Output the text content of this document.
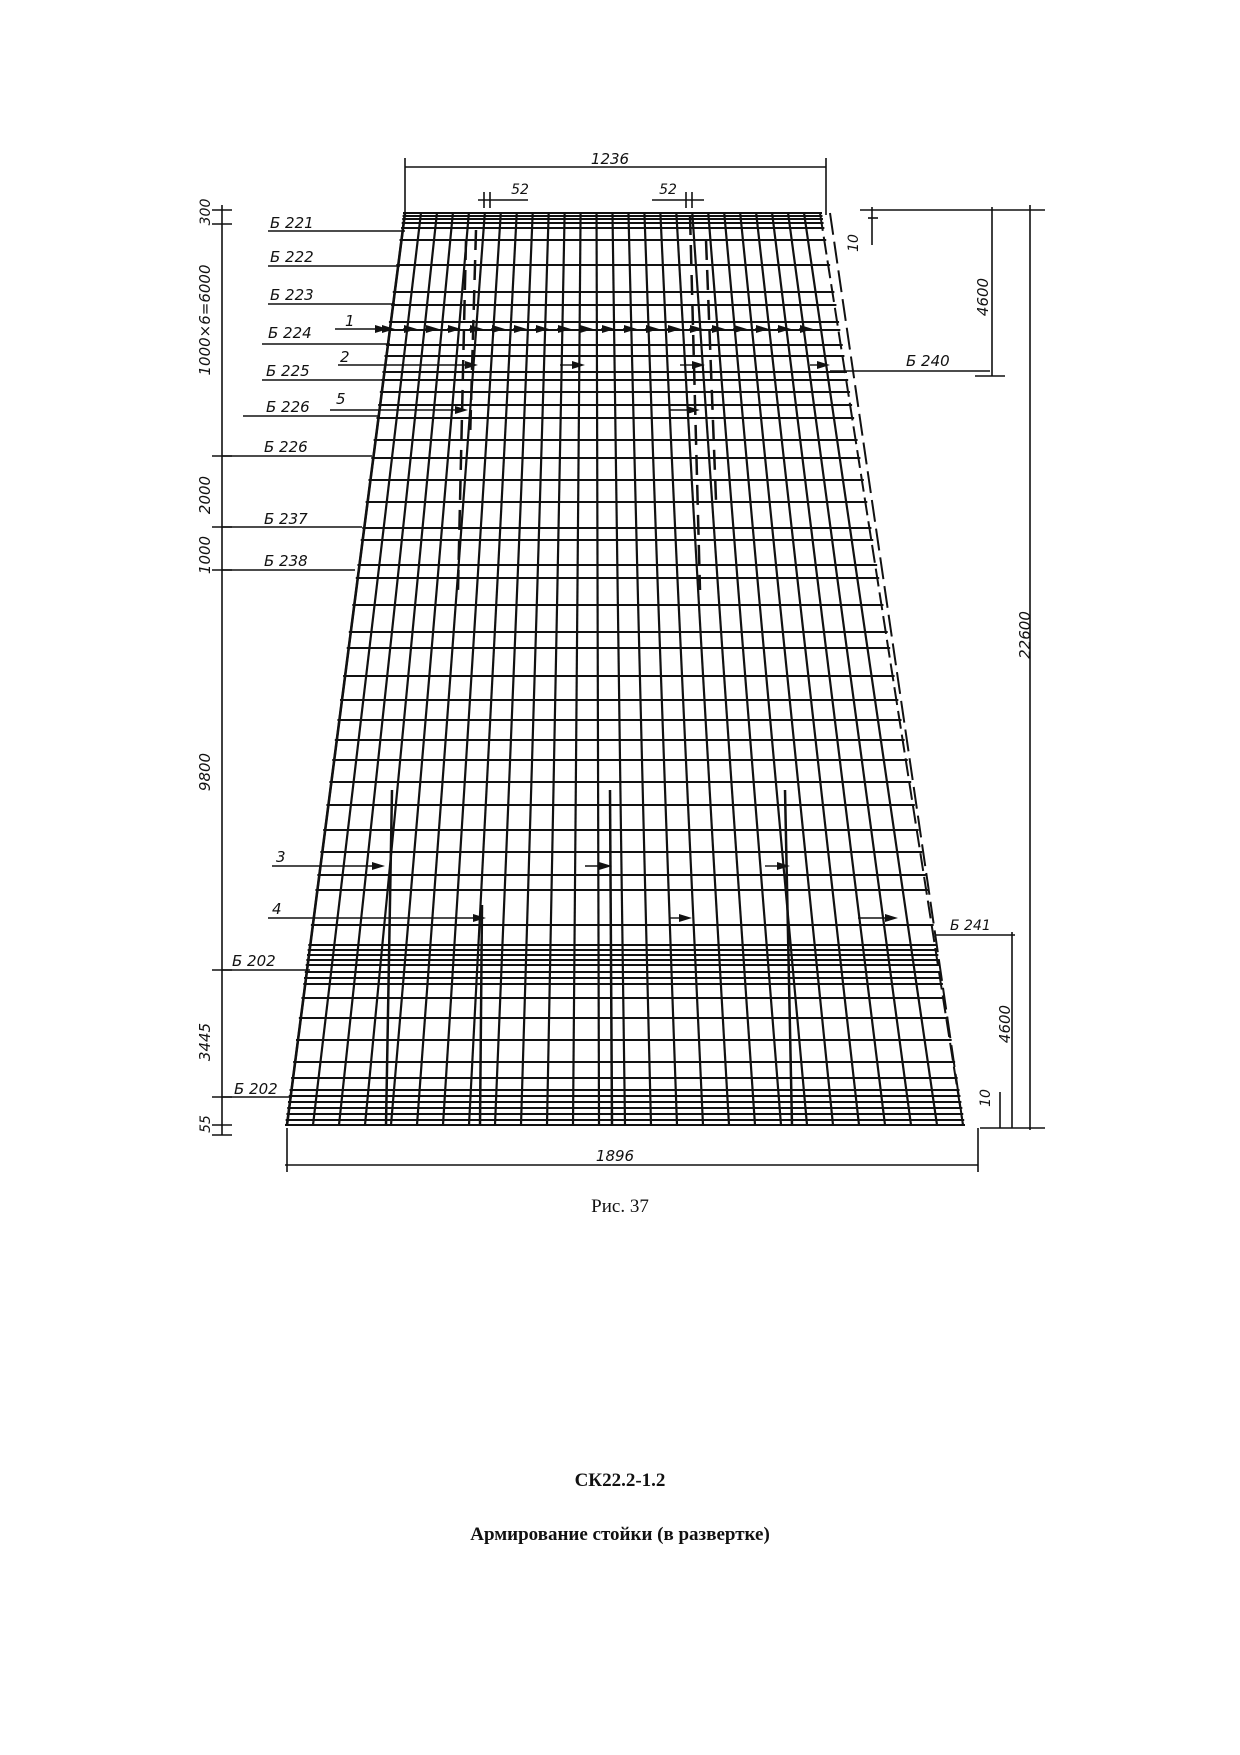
1236
52	52
1896
22600
4600
4600
10
10
300
1000×6=6000
2000
1000
9800
3445
55
Б 221
Б 222
Б 223
Б 224
Б 225
Б 226
Б 226
Б 237
Б 238
Б 202
Б 202
Б 240
Б 241
1
2
5
3
4
Рис. 37
СК22.2-1.2
Армирование стойки (в развертке)
